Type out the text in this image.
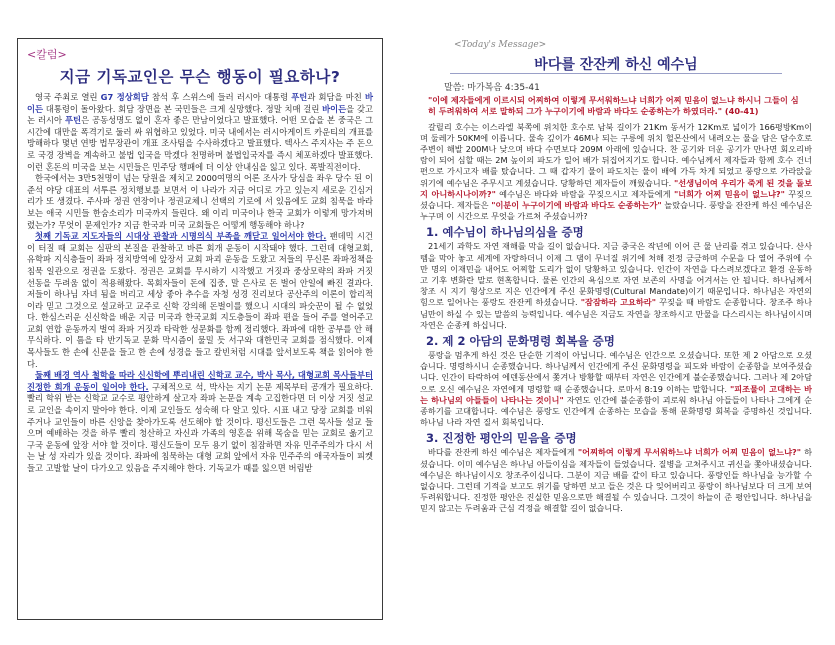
<칼럼>
지금 기독교인은 무슨 행동이 필요하나?

영국 주최로 열린 G7 정상회담 참석 후 스위스에 들러 러시아 대통령 푸틴과 회담을 마친 바이든 대통령이 돌아왔다. 회담 장면을 본 국민들은 크게 실망했다. 정말 치매 걸린 바이든을 갖고 논 러시아 푸틴은 공동성명도 없이 혼자 좋은 만남이었다고 발표했다. 어떤 모습을 본 중국은 그 시간에 대만을 폭격기로 둘러 싸 위협하고 있었다. 미국 내에서는 러시아게이트 카운티의 개표를 방해하다 몇년 연방 법무장관이 개표 조사팀을 수사하겠다고 발표했다. 텍사스 주지사는 주 돈으로 국경 장벽을 계속하고 불법 입국을 막겠다 천명하며 불법입국자를 즉시 체포하겠다 발표했다. 이런 혼돈의 미국을 보는 시민들은 민주당 행패에 더 이상 안내심을 잃고 있다. 폭발직전이다.

한국에서는 3만5천명이 넘는 당원을 제치고 2000여명의 어론 조사가 당심을 좌우 당수 된 이준석 야당 대표의 서투른 정치행보를 보면서 이 나라가 지금 어디로 가고 있는지 세로운 긴심거리가 또 생겼다. 주사파 정권 연장이나 정권교체니 선택의 기로에 서 있음에도 교회 침묵을 바라보는 애국 시민들 한숨소리가 미국까지 들린다. 왜 이리 미국이나 한국 교회가 이렇게 망가져버렸는가? 무엇이 문제인가? 지금 한국과 미국 교회들은 어떻게 행동해야 하나?

첫째 기독교 지도자들의 시대상 관찰과 시명의식 부족을 깨닫고 일어서야 한다. 팬데믹 시건이 터질 때 교회는 심판의 본질을 관찰하고 바른 회개 운동이 시작돼야 했다. 그런데 대형교회, 유학파 지식층들이 좌파 정치방역에 앞장서 교회 파괴 운동을 도왔고 저들의 무신론 좌파정책을 침묵 일관으로 정권을 도왔다. 정권은 교회를 무시하기 시작했고 거짓과 중상모략의 좌파 거짓 선동을 두려움 없이 적용해왔다. 목회자들이 돈에 집중, 말 은사로 돈 벌어 안일에 빠진 결과다. 저들이 하나님 자녀 됨을 버리고 세상 좋아 추수을 자청 성경 진리보다 공산주의 이론이 합리적이라 믿고 그것으로 설교하고 교주로 신학 강의해 돈벌이를 했으니 시대의 파숫꾼이 될 수 없었다. 한심스러운 신신학을 배운 지금 미국과 한국교회 지도층들이 좌파 편을 들어 주를 열어주고 교회 연합 운동까지 벌여 좌파 거짓과 타락한 성문화를 함께 정리했다. 좌파에 대한 공부를 안 해 무식하다. 이 틈을 타 반기독교 문화 막시즘이 물밀 듯 서구와 대한민국 교회를 점식했다. 이제 목사들도 한 손에 신문을 들고 한 손에 성경을 들고 칼빈처럼 시대를 앞서보도록 책을 읽어야 한다.

둘째 배경 역사 철학을 따라 신신학에 뿌리내린 신학교 교수, 박사 목사, 대형교회 목사들부터 진정한 회개 운동이 일어야 한다. 구체적으로 석, 박사는 지기 논문 제목부터 공개가 필요하다. 빨리 학위 받는 신학교 교수로 평안하게 살고자 좌파 논문을 계속 고집한다면 더 이상 거짓 설교로 교인을 속이지 말아야 한다. 이제 교인들도 성숙해 다 알고 있다. 시표 내고 당장 교회를 비워주거나 교인들이 바른 신앙을 찾아가도록 선도해야 할 것이다. 평신도들은 그런 목사들 설교 들으며 예배하는 것을 하루 빨리 청산하고 자신과 가족의 영혼을 위해 목숨을 믿는 교회로 옮기고 구국 운동에 앞장 서야 할 것이다. 평신도들이 모두 용기 없이 침잠하면 자유 민주주의가 다시 서는 날 성 자리가 있을 것이다. 좌파에 침묵하는 대형 교회 앞에서 자유 민주주의 애국자들이 피켓 들고 고발할 날이 다가오고 있음을 주지해야 한다. 기독교가 때를 잃으면 버림받

<Today's Message>
바다를 잔잔케 하신 예수님
말씀: 마가복음 4:35-41
"이에 제자들에게 이르시되 어찌하여 이렇게 무서워하느냐 너희가 어찌 믿음이 없느냐 하시니 그들이 심히 두려워하여 서로 말하되 그가 누구이기에 바람과 바다도 순종하는가 하였더라." (40-41)

갈릴리 호수는 이스라엘 북쪽에 위치한 호수로 남북 길이가 21Km 동서가 12Km로 넓이가 166평방Km이며 둘레가 50KM에 이릅니다. 물속 깊이가 46M나 되는 구릉에 위치 헐몬산에서 내려오는 물을 담은 담수호로 주변이 해발 200M나 낮으며 바다 수면보다 209M 아래에 있습니다. 찬 공기와 더운 공기가 만나면 회오리바람이 되어 심할 때는 2M 높이의 파도가 일어 배가 뒤집어지기도 합니다. 예수님께서 제자들과 함께 호수 건너편으로 가시고자 배를 탔습니다. 그 때 갑자기 물이 파도치는 물이 배에 가득 차게 되었고 풍랑으로 가라앉을 위기에 예수님은 주무시고 계셨습니다. 당황하던 제자들이 깨웠습니다. "선생님이여 우리가 죽게 된 것을 돌보지 아니하시나이까?" 예수님은 바다와 바람을 꾸짖으시고 제자들에게 "너희가 어찌 믿음이 없느냐?" 꾸짖으셨습니다. 제자들은 "이분이 누구이기에 바람과 바다도 순종하는가" 놀랐습니다. 풍랑을 잔잔케 하신 예수님은 누구며 이 시간으로 무엇을 가르쳐 주셨습니까?

1. 예수님이 하나님의심을 증명

21세기 과학도 자연 재해를 막을 길이 없습니다. 지금 중국은 작년에 이어 큰 물 난리를 겪고 있습니다. 산사 뗌을 막아 놓고 세계에 자랑하더니 이제 그 댐이 무너질 위기에 처해 전정 긍긍하며 수문을 다 열어 주위에 수만 명의 이재민을 내어도 어찌할 도리가 없이 당황하고 있습니다. 인간이 자연을 다스려보겠다고 환경 운동하고 기후 변화란 말로 현혹합니다. 물론 인간의 욕심으로 자연 보존의 사명을 어겨서는 안 됩니다. 하나님께서 창조 시 지기 형상으로 지은 인간에게 주신 문화명령(Cultural Mandate)이기 때문입니다. 하나님은 자연의 힘으로 일어나는 풍랑도 잔잔케 하셨습니다. "잠잠하라 고요하라" 꾸짖을 때 바람도 순종합니다. 창조주 하나님만이 하실 수 있는 말씀의 능력입니다. 예수님은 지금도 자연을 창조하시고 만물을 다스리시는 하나님이시며 자연은 순종케 하십니다.

2. 제 2 아담의 문화명령 회복을 증명

풍랑을 멈추게 하신 것은 단순한 기적이 아닙니다. 예수님은 인간으로 오셨습니다. 또한 제 2 아담으로 오셨습니다. 명령하시니 순종했습니다. 하나님께서 인간에게 주신 문화명령을 피도와 바람이 순종함을 보여주셨습니다. 인간이 타락하여 에덴동산에서 쫓겨나 방황할 때부터 자연은 인간에게 불순종했습니다. 그러나 제 2아담으로 오신 예수님은 자연에게 명령할 때 순종했습니다. 로마서 8:19 이하는 말합니다. "피조물이 고대하는 바는 하나님의 아들들이 나타나는 것이니" 자연도 인간에 불순종함이 괴로워 하나님 아들들이 나타나 그에게 순종하기를 고대합니다. 예수님은 풍랑도 인간에게 순종하는 모습을 통해 문화명령 회복을 증명하신 것입니다. 하나님 나라 자연 질서 회복입니다.

3. 진정한 평안의 믿음을 증명

바다를 잔잔케 하신 예수님은 제자들에게 "어찌하여 이렇게 무서워하느냐 너희가 어찌 믿음이 없느냐?" 하셨습니다. 이미 예수님은 하나님 아들이심을 제자들이 들었습니다. 질병을 고쳐주시고 귀신을 쫓아내셨습니다. 예수님은 하나님이시오 창조주이십니다. 그분이 지금 배를 같이 타고 있습니다. 풍랑인들 하나님을 능가할 수 없습니다. 그런데 기적을 보고도 위기를 당하면 보고 들은 것은 다 잊어버리고 풍랑이 하나님보다 더 크게 보여 두려워합니다. 진정한 평안은 진실한 믿음으로만 해결될 수 있습니다. 그것이 하늘이 준 평안입니다. 하나님을 믿지 않고는 두려움과 근심 걱정을 해결할 길이 없습니다.
